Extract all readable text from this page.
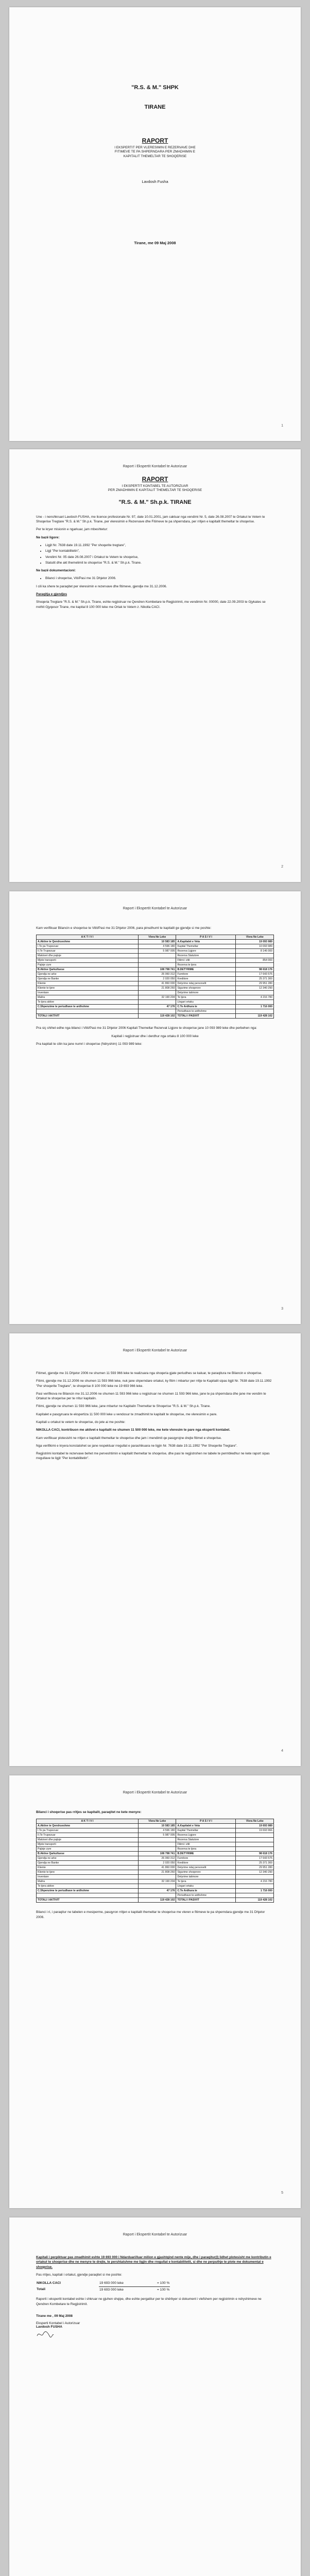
"R.S. & M." SHPK
TIRANE
RAPORT
I EKSPERTIT PER VLERESIMIN E REZERVAVE DHE
FITIMEVE TE PA SHPERNDARA PER ZMADHIMIN E
KAPITALIT THEMELTAR TE SHOQERISE
Lavdosh Fusha
Tirane, me 09 Maj 2008
1
Raport i Ekspertit Kontabel te Autorizuar
RAPORT
I EKSPERTIT KONTABEL TE AUTORIZUAR
PER ZMADHIMIN E KAPITALIT THEMELTAR TE SHOQERISE
"R.S. & M." Sh.p.k. TIRANE

Une - i nenshkruari Lavdosh FUSHA, me licence profesionale Nr. 97, date 10.01.2001, jam caktuar nga vendimi Nr. 5, date 26.08.2007 te Ortakut te Vetem te Shoqerise Tregtare "R.S. & M." Sh.p.k. Tirane, per vleresimin e Rezervave dhe Fitimeve te pa shperndara, per rritjen e kapitalit themeltar te shoqerise.

Per te kryer misionin e ngarkuar, jam mbeshtetur:

Ne bazë ligore:

• Ligjit Nr. 7638 date 19.11.1992 "Per shoqerite tregtare",
• Ligji "Per kontabilitetin",
• Vendimi Nr. 05 date 26.08.2007 i Ortakut te Vetem te shoqerise,
• Statutit dhe akt themelimit te shoqerise "R.S. & M." Sh.p.k. Tirane.

Ne bazë dokumentacioni:

• Bilanci i shoqerise, Viti/Pasi me 31 Dhjetor 2006.

I cili ka shere te paraqitet per vleresimin e rezervave dhe fitimeve, gjendje me 31.12.2006.

Paraqitja e gjendjes

Shoqeria Tregtare "R.S. & M." Sh.p.k. Tirane, eshte regjistruar ne Qendren Kombetare te Regjistrimit, me vendimin Nr. 00000, date 22.09.2003 te Gjykates se rrethit Gjyqesor Tirane, me kapital 8 100 000 leke me Ortak te Vetem z. Nikolla CACI.

2
Raport i Ekspertit Kontabel te Autorizuar

Kam verifikuar Bilancin e shoqerise te Vitit/Pasi me 31 Dhjetor 2006, para pinsdhuml te kapitalit ge gjendje si me poshte:

A K T I V I	Vlera Ne Leke	P A S I V I	Vlera Ne Leke
A.Aktive te Qendrueshme	10 583 185	A.Kapitalet e Veta	19 093 989
I.Te pa Trupezuar	4 596 180	Kapital Themeltar	10 093 989
II.Te Trupezuar	5 987 005	Rezerva Ligjore	8 146 000
Makineri dhe pajisje		Rezerva Statutore	
Mjete transporti		Fitimi i vitit	854 000
Pajisje zyre		Rezerva te tjera	
B.Aktive Qarkulluese	108 798 741	B.DETYRIME	98 618 176
Gjendja ne arke	26 060 312	Furnitore	17 643 575
Gjendja ne Banke	2 020 050	Kreditore	25 371 300
Kliente	41 860 000	Detyrime ndaj personelit	29 951 280
Kliente te tjere	21 808 260	Sigurime shoqerore	12 340 290
Inventare		Detyrime tatimore	
Mallra	32 190 204	Te tjera	4 216 780
Te tjera aktive		Llogari ortaku	
C.Shpenzime te periudhave te ardhshme	47 176	C.Te Ardhura te	1 716 000
		Periudhave te ardhshme	
TOTALI I AKTIVIT	119 428 102	TOTALI I PASIVIT	119 428 102

Pra siç shihet edhe nga bilanci i Vitit/Pasi me 31 Dhjetor 2006 Kapitali Themeltar Rezervat Ligjore te shoqerise jane 10 093 989 leke dhe perbehen nga:

Kapitali i regjistruar dhe i derdhur nga ortaku 8 100 000 leke

Pra kapitali te cilin ka jane numri i shoqerise (Ndryshim) 11 093 989 leke:

3
Raport i Ekspertit Kontabel te Autorizuar

Fitimet, gjendje me 31 Dhjetor 2006 ne shumen 11 593 966 leke te realizuara nga shoqeria gjate periudhes se kaluar, te paraqitura ne Bilancin e shoqerise.

Fitimi, gjendje me 31.12.2006 ne shumen 11 593 966 leke, nuk jane shperndare ortakut, ky fitim i mbartur per rritje te Kapitalit sipas ligjit Nr. 7638 date 19.11.1992 "Per shoqerite Tregtare", te shoqerise 8 100 000 leke ne 19 693 966 leke.

Pasi verifikova ne Bilancin me 31.12.2006 ne shumen 11 593 966 leke u regjistruar ne shumen 11 593 966 leke, jane te pa shperndara dhe jane me vendim te Ortakut te shoqerise per te rritur kapitalin.

Fitimi, gjendje ne shumen 11 593 966 leke, jane mbartur ne Kapitalin Themeltar te Shoqerise "R.S. & M." Sh.p.k. Tirane.

Kapitalet e pasqyruara te ekspertiza 11 500 000 leke u vendosur te zmadhimit te kapitalit te shoqerise, me vleresimin e pare.

Kapitali u ortakut te vetem te shoqerise, do jete ai me poshte:

NIKOLLA CACI, kontribuon me aktivet e kapitalit ne shumen 11 500 000 leke, me kete vleresim te pare nga eksperti kontabel.

Kam verifikuar plotesisht ne rritjen e kapitalit themeltar te shoqerise dhe jam i mendimit qe pasqyrojne drejte fitimet e shoqerise.

Nga verifikimi e kryera konstatohet se jane respektuar rregullat e parashikuara ne ligjin Nr. 7638 date 19.11.1992 "Per Shoqerite Tregtare".

Regjistrimi kontabel te rezervave behet me perveshtimin e kapitalit themeltar te shoqerise, dhe pasi te regjistrohen ne tabele te permbledhur ne kete raport sipas rregullave te ligjit "Per kontabilitetin".

4
Raport i Ekspertit Kontabel te Autorizuar

Bilanci i shoqerise pas rritjes se kapitalit, paraqitet ne kete menyre:

A K T I V I	Vlera Ne Leke	P A S I V I	Vlera Ne Leke
A.Aktive te Qendrueshme	10 583 185	A.Kapitalet e Veta	19 693 989
I.Te pa Trupezuar	4 596 180	Kapital Themeltar	19 693 966
II.Te Trupezuar	5 987 005	Rezerva Ligjore	
Makineri dhe pajisje		Rezerva Statutore	
Mjete transporti		Fitimi i vitit	
Pajisje zyre		Rezerva te tjera	
B.Aktive Qarkulluese	108 798 741	B.DETYRIME	98 618 176
Gjendja ne arke	26 060 312	Furnitore	17 643 575
Gjendja ne Banke	2 020 050	Kreditore	25 371 300
Kliente	41 860 000	Detyrime ndaj personelit	29 951 280
Kliente te tjere	21 808 260	Sigurime shoqerore	12 340 290
Inventare		Detyrime tatimore	
Mallra	32 190 204	Te tjera	4 216 780
Te tjera aktive		Llogari ortaku	
C.Shpenzime te periudhave te ardhshme	47 176	C.Te Ardhura te	1 716 000
		Periudhave te ardhshme	
TOTALI I AKTIVIT	119 428 102	TOTALI I PASIVIT	119 428 102

Bilanci i ri, i paraqitur ne tabelen e mesiperme, pasqyron rritjen e kapitalit themeltar te shoqerise me vleren e fitimeve te pa shperndara gjendje me 31 Dhjetor 2006.

5
Raport i Ekspertit Kontabel te Autorizuar

Kapitali i perpiktuar pas zmadhimit eshte 19 693 000 i Ndarduari/Iuar milion e gjashtqind nente mije, dhe i paraqitur(l) lidhet plotesisht me kontributin e ortakut te shoqerise dhe ne menyre te drejte, te pershtatshme me ligjin dhe rregullat e kontabilitetit, si dhe ne perputhje te plote me dokumentat e shoqerise.

Pas rritjes, kapitali i ortakut, gjendje paraqitet si me poshte:

NIKOLLA CACI	19 693 000 leke	= 100 %
Totali	19 693 000 leke	= 100 %

Raporti i ekspertit kontabel eshte i shkruar ne gjuhen shqipe, dhe eshte pergatitur per te shërbyer si dokument i vlefshem per regjistrimin e ndryshimeve ne Qendren Kombetare te Regjistrimit.

Tirane me , 09 Maj 2008

Eksperti Kontabel i Autorizuar
Lavdosh FUSHA
